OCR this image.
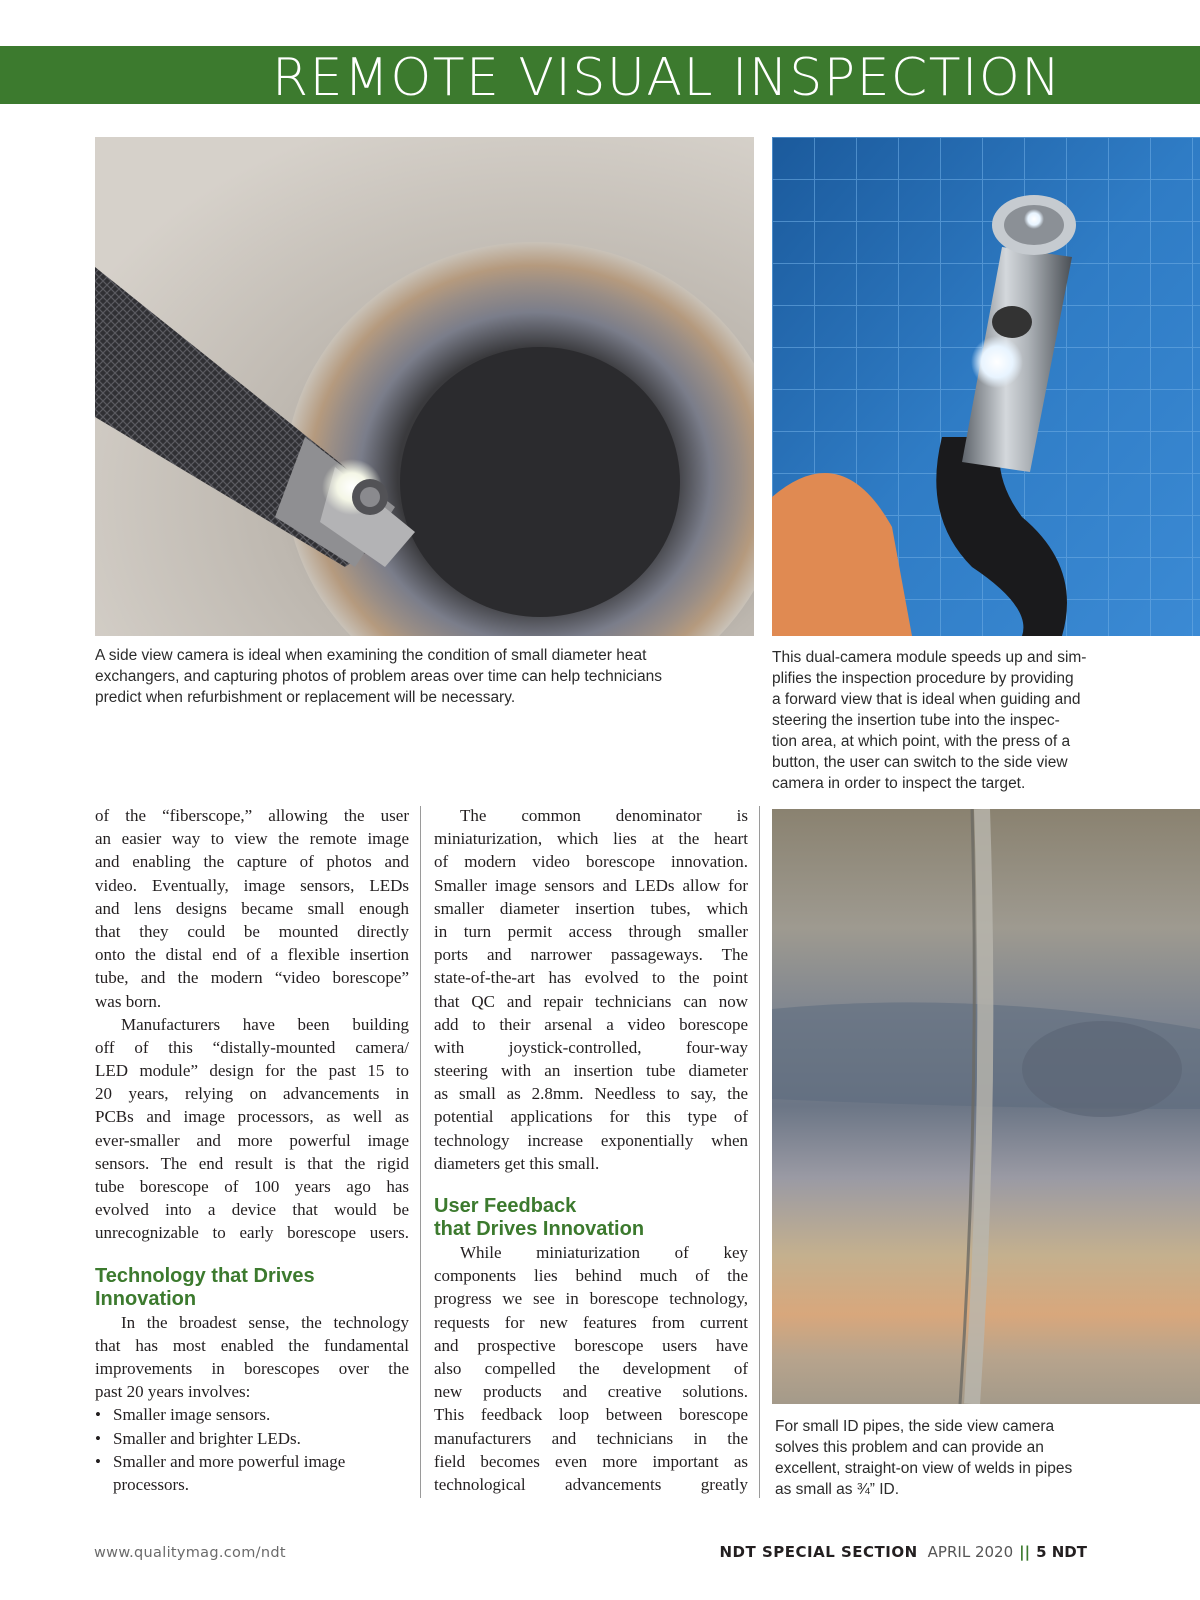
REMOTE VISUAL INSPECTION
A side view camera is ideal when examining the condition of small diameter heat
exchangers, and capturing photos of problem areas over time can help technicians
predict when refurbishment or replacement will be necessary.
This dual-camera module speeds up and sim-
plifies the inspection procedure by providing
a forward view that is ideal when guiding and
steering the insertion tube into the inspec-
tion area, at which point, with the press of a
button, the user can switch to the side view
camera in order to inspect the target.
For small ID pipes, the side view camera
solves this problem and can provide an
excellent, straight-on view of welds in pipes
as small as ¾” ID.
of the “fiberscope,” allowing the user
an easier way to view the remote image
and enabling the capture of photos and
video. Eventually, image sensors, LEDs
and lens designs became small enough
that they could be mounted directly
onto the distal end of a flexible insertion
tube, and the modern “video borescope”
was born.
Manufacturers have been building
off of this “distally-mounted camera/
LED module” design for the past 15 to
20 years, relying on advancements in
PCBs and image processors, as well as
ever-smaller and more powerful image
sensors. The end result is that the rigid
tube borescope of 100 years ago has
evolved into a device that would be
unrecognizable to early borescope users.
Technology that Drives
Innovation
In the broadest sense, the technology
that has most enabled the fundamental
improvements in borescopes over the
past 20 years involves:
• Smaller image sensors.
• Smaller and brighter LEDs.
• Smaller and more powerful image
processors.
The common denominator is
miniaturization, which lies at the heart
of modern video borescope innovation.
Smaller image sensors and LEDs allow for
smaller diameter insertion tubes, which
in turn permit access through smaller
ports and narrower passageways. The
state-of-the-art has evolved to the point
that QC and repair technicians can now
add to their arsenal a video borescope
with joystick-controlled, four-way
steering with an insertion tube diameter
as small as 2.8mm. Needless to say, the
potential applications for this type of
technology increase exponentially when
diameters get this small.
User Feedback
that Drives Innovation
While miniaturization of key
components lies behind much of the
progress we see in borescope technology,
requests for new features from current
and prospective borescope users have
also compelled the development of
new products and creative solutions.
This feedback loop between borescope
manufacturers and technicians in the
field becomes even more important as
technological advancements greatly
www.qualitymag.com/ndt	NDT SPECIAL SECTION APRIL 2020 || 5 NDT
